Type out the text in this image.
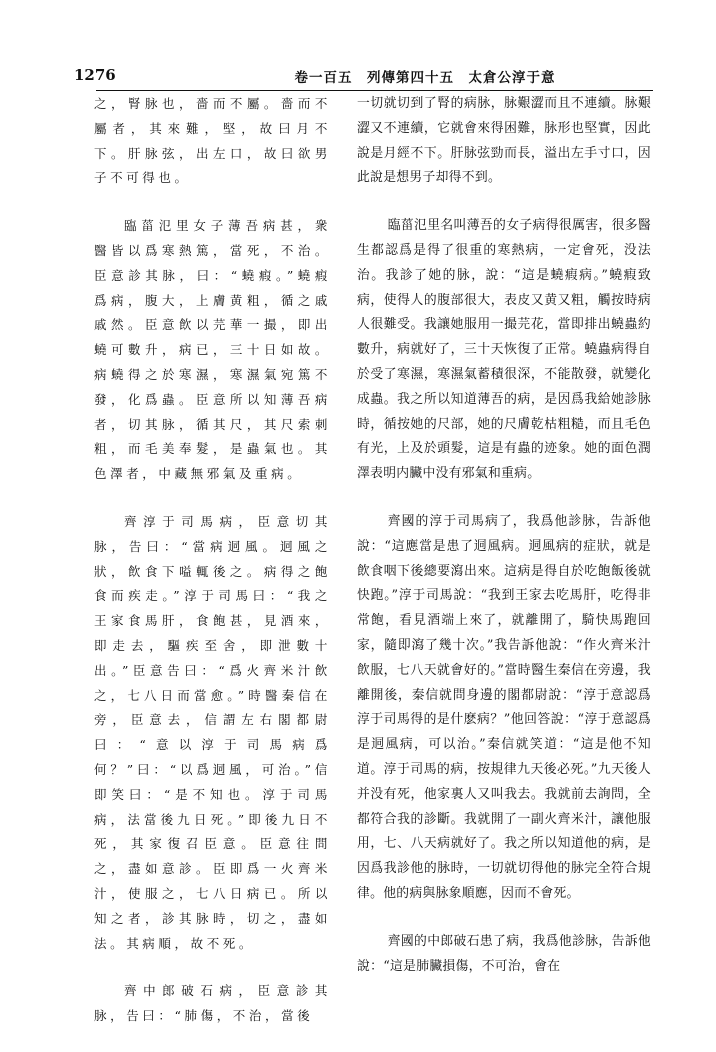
1276	卷一百五　列傳第四十五　太倉公淳于意

之，腎脉也，嗇而不屬。嗇而不屬者，其來難，堅，故曰月不下。肝脉弦，出左口，故曰欲男子不可得也。

臨菑氾里女子薄吾病甚，衆醫皆以爲寒熱篤，當死，不治。臣意診其脉，曰：“蟯瘕。”蟯瘕爲病，腹大，上膚黄粗，循之戚戚然。臣意飲以芫華一撮，即出蟯可數升，病已，三十日如故。病蟯得之於寒濕，寒濕氣宛篤不發，化爲蟲。臣意所以知薄吾病者，切其脉，循其尺，其尺索刺粗，而毛美奉髮，是蟲氣也。其色澤者，中藏無邪氣及重病。

齊淳于司馬病，臣意切其脉，告曰：“當病迵風。迵風之狀，飲食下嗌輒後之。病得之飽食而疾走。”淳于司馬曰：“我之王家食馬肝，食飽甚，見酒來，即走去，驅疾至舍，即泄數十出。”臣意告曰：“爲火齊米汁飲之，七八日而當愈。”時醫秦信在旁，臣意去，信謂左右閣都尉曰：“意以淳于司馬病爲何？”曰：“以爲迵風，可治。”信即笑曰：“是不知也。淳于司馬病，法當後九日死。”即後九日不死，其家復召臣意。臣意往問之，盡如意診。臣即爲一火齊米汁，使服之，七八日病已。所以知之者，診其脉時，切之，盡如法。其病順，故不死。

齊中郎破石病，臣意診其脉，告曰：“肺傷，不治，當後

一切就切到了腎的病脉，脉艱澀而且不連續。脉艱澀又不連續，它就會來得困難，脉形也堅實，因此說是月經不下。肝脉弦勁而長，溢出左手寸口，因此說是想男子却得不到。

臨菑氾里名叫薄吾的女子病得很厲害，很多醫生都認爲是得了很重的寒熱病，一定會死，没法治。我診了她的脉，說：“這是蟯瘕病。”蟯瘕致病，使得人的腹部很大，表皮又黄又粗，觸按時病人很難受。我讓她服用一撮芫花，當即排出蟯蟲約數升，病就好了，三十天恢復了正常。蟯蟲病得自於受了寒濕，寒濕氣蓄積很深，不能散發，就變化成蟲。我之所以知道薄吾的病，是因爲我給她診脉時，循按她的尺部，她的尺膚乾枯粗糙，而且毛色有光，上及於頭髮，這是有蟲的迹象。她的面色潤澤表明内臟中没有邪氣和重病。

齊國的淳于司馬病了，我爲他診脉，告訴他說：“這應當是患了迵風病。迵風病的症狀，就是飲食咽下後總要瀉出來。這病是得自於吃飽飯後就快跑。”淳于司馬說：“我到王家去吃馬肝，吃得非常飽，看見酒端上來了，就離開了，騎快馬跑回家，隨即瀉了幾十次。”我告訴他說：“作火齊米汁飲服，七八天就會好的。”當時醫生秦信在旁邊，我離開後，秦信就問身邊的閣都尉說：“淳于意認爲淳于司馬得的是什麽病？”他回答說：“淳于意認爲是迵風病，可以治。”秦信就笑道：“這是他不知道。淳于司馬的病，按規律九天後必死。”九天後人并没有死，他家裏人又叫我去。我就前去詢問，全都符合我的診斷。我就開了一副火齊米汁，讓他服用，七、八天病就好了。我之所以知道他的病，是因爲我診他的脉時，一切就切得他的脉完全符合規律。他的病與脉象順應，因而不會死。

齊國的中郎破石患了病，我爲他診脉，告訴他說：“這是肺臟損傷，不可治，會在
